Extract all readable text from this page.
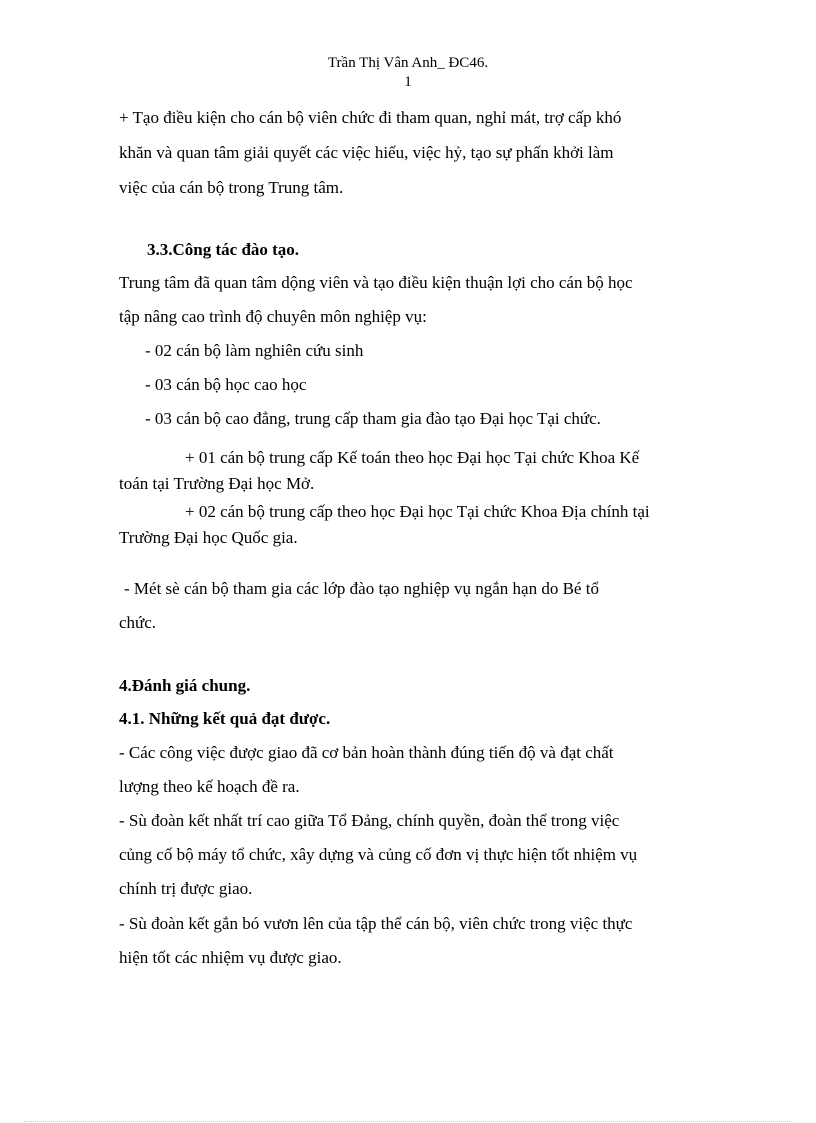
Trần Thị Vân Anh_ ĐC46.
1
+ Tạo điều kiện cho cán bộ viên chức đi tham quan, nghỉ mát, trợ cấp khó
khăn và quan tâm giải quyết các việc hiếu, việc hỷ, tạo sự phấn khởi làm
việc của cán bộ trong Trung tâm.
3.3.Công tác đào tạo.
Trung tâm đã quan tâm dộng viên và tạo điều kiện thuận lợi cho cán bộ học
tập nâng cao trình độ chuyên môn nghiệp vụ:
- 02 cán bộ làm nghiên cứu sinh
- 03 cán bộ học cao học
- 03 cán bộ cao đẳng, trung cấp tham gia đào tạo Đại học Tại chức.
+ 01 cán bộ trung cấp Kế toán theo học Đại học Tại chức Khoa Kế
toán tại Trường Đại học Mở.
+ 02 cán bộ trung cấp theo học Đại học Tại chức Khoa Địa chính tại
Trường Đại học Quốc gia.
- Mét sè cán bộ tham gia các lớp đào tạo nghiệp vụ ngắn hạn do Bé tổ
chức.
4.Đánh giá chung.
4.1. Những kết quả đạt được.
- Các công việc được giao đã cơ bản hoàn thành đúng tiến độ và đạt chất
lượng theo kế hoạch đề ra.
- Sù đoàn kết nhất trí cao giữa Tổ Đảng, chính quyền, đoàn thể trong việc
củng cố bộ máy tổ chức, xây dựng và củng cố đơn vị thực hiện tốt nhiệm vụ
chính trị được giao.
- Sù đoàn kết gắn bó vươn lên của tập thể cán bộ, viên chức trong việc thực
hiện tốt các nhiệm vụ được giao.
